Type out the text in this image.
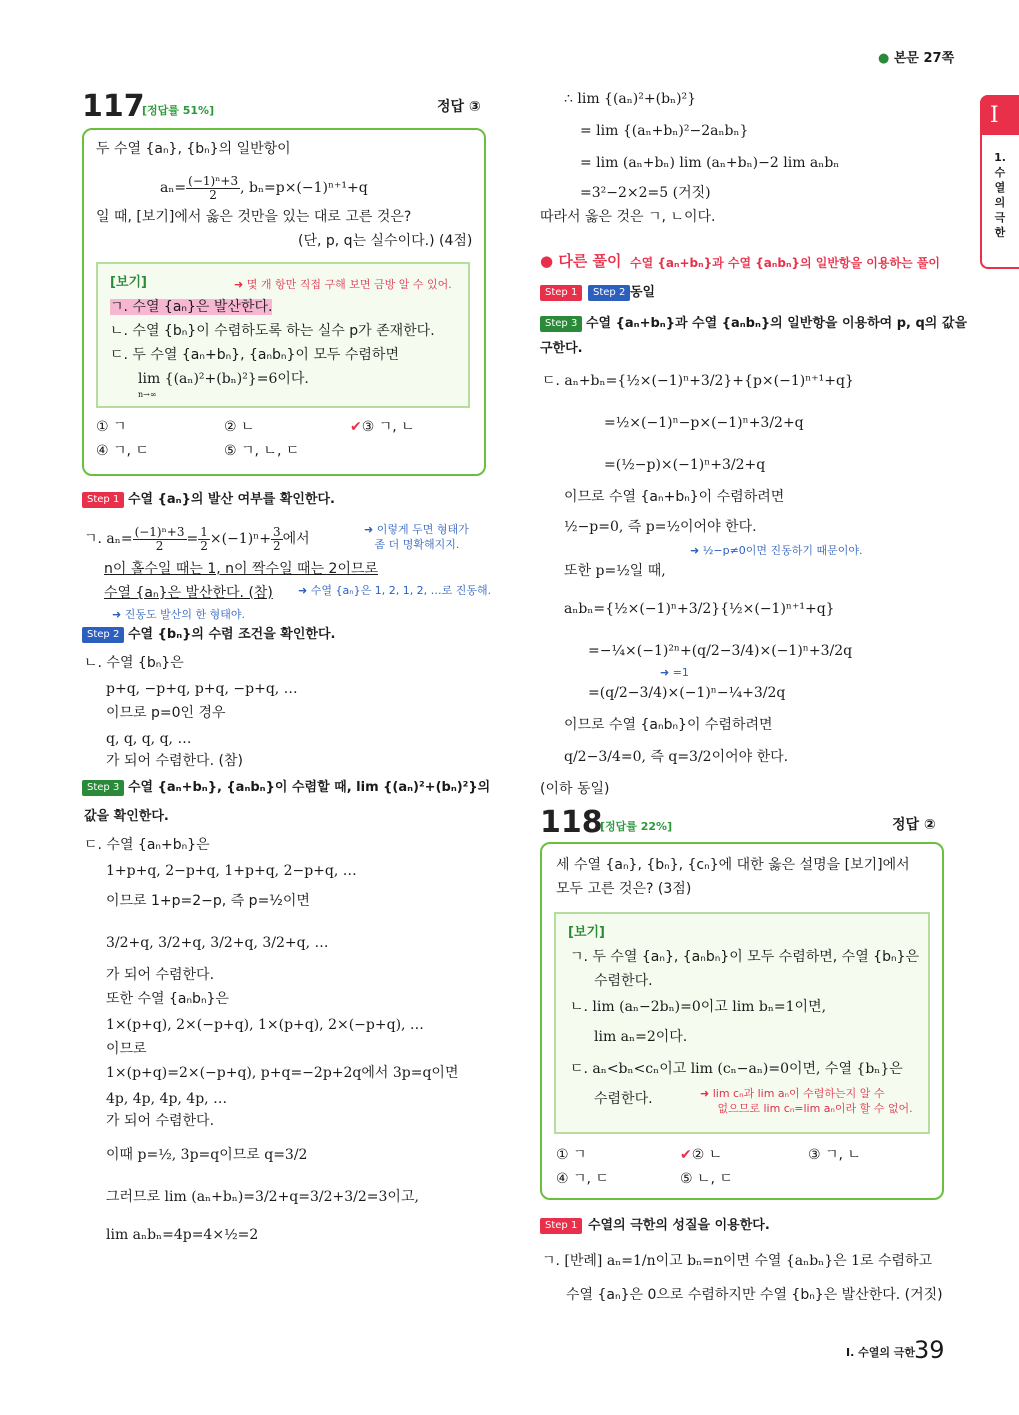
● 본문 27쪽
I
1.
수
열
의
극
한
117
[정답률 51%]	정답 ③
두 수열 {aₙ}, {bₙ}의 일반항이
$a_n= \frac{\text{(−1)ⁿ+3}}{2}$ , bₙ=p×(−1)ⁿ⁺¹+q
일 때, [보기]에서 옳은 것만을 있는 대로 고른 것은?
(단, p, q는 실수이다.) (4점)
[보기]	➜ 몇 개 항만 직접 구해 보면 금방 알 수 있어.
ㄱ. 수열 {aₙ}은 발산한다.
ㄴ. 수열 {bₙ}이 수렴하도록 하는 실수 p가 존재한다.
ㄷ. 두 수열 {aₙ+bₙ}, {aₙbₙ}이 모두 수렴하면
lim {(aₙ)²+(bₙ)²}=6이다.
n→∞
① ㄱ	② ㄴ	✔③ ㄱ, ㄴ
④ ㄱ, ㄷ	⑤ ㄱ, ㄴ, ㄷ
Step 1 수열 {aₙ}의 발산 여부를 확인한다.
ㄱ. $a_n= \frac{\text{(−1)ⁿ+3}}{2} = \frac{1}{2} \times(-1)^n+ \frac{3}{2}$ 에서
➜ 이렇게 두면 형태가
좀 더 명확해지지.
n이 홀수일 때는 1, n이 짝수일 때는 2이므로
수열 {aₙ}은 발산한다. (참) ➜ 수열 {aₙ}은 1, 2, 1, 2, …로 진동해.
➜ 진동도 발산의 한 형태야.
Step 2 수열 {bₙ}의 수렴 조건을 확인한다.
ㄴ. 수열 {bₙ}은
p+q, −p+q, p+q, −p+q, …
이므로 p=0인 경우
q, q, q, q, …
가 되어 수렴한다. (참)
Step 3 수열 {aₙ+bₙ}, {aₙbₙ}이 수렴할 때, lim {(aₙ)²+(bₙ)²}의
값을 확인한다.
ㄷ. 수열 {aₙ+bₙ}은
1+p+q, 2−p+q, 1+p+q, 2−p+q, …
이므로 1+p=2−p, 즉 p=½이면
3/2+q, 3/2+q, 3/2+q, 3/2+q, …
가 되어 수렴한다.
또한 수열 {aₙbₙ}은
1×(p+q), 2×(−p+q), 1×(p+q), 2×(−p+q), …
이므로
1×(p+q)=2×(−p+q), p+q=−2p+2q에서 3p=q이면
4p, 4p, 4p, 4p, …
가 되어 수렴한다.
이때 p=½, 3p=q이므로 q=3/2
그러므로 lim (aₙ+bₙ)=3/2+q=3/2+3/2=3이고,
lim aₙbₙ=4p=4×½=2
∴ lim {(aₙ)²+(bₙ)²}
= lim {(aₙ+bₙ)²−2aₙbₙ}
= lim (aₙ+bₙ) lim (aₙ+bₙ)−2 lim aₙbₙ
=3²−2×2=5 (거짓)
따라서 옳은 것은 ㄱ, ㄴ이다.
● 다른 풀이 수열 {aₙ+bₙ}과 수열 {aₙbₙ}의 일반항을 이용하는 풀이
Step 1	Step 2 동일
Step 3 수열 {aₙ+bₙ}과 수열 {aₙbₙ}의 일반항을 이용하여 p, q의 값을
구한다.
ㄷ. aₙ+bₙ={½×(−1)ⁿ+3/2}+{p×(−1)ⁿ⁺¹+q}
=½×(−1)ⁿ−p×(−1)ⁿ+3/2+q
=(½−p)×(−1)ⁿ+3/2+q
이므로 수열 {aₙ+bₙ}이 수렴하려면
½−p=0, 즉 p=½이어야 한다.
➜ ½−p≠0이면 진동하기 때문이야.
또한 p=½일 때,
aₙbₙ={½×(−1)ⁿ+3/2}{½×(−1)ⁿ⁺¹+q}
=−¼×(−1)²ⁿ+(q/2−3/4)×(−1)ⁿ+3/2q
➜ =1
=(q/2−3/4)×(−1)ⁿ−¼+3/2q
이므로 수열 {aₙbₙ}이 수렴하려면
q/2−3/4=0, 즉 q=3/2이어야 한다.
(이하 동일)
118
[정답률 22%]	정답 ②
세 수열 {aₙ}, {bₙ}, {cₙ}에 대한 옳은 설명을 [보기]에서
모두 고른 것은? (3점)
[보기]
ㄱ. 두 수열 {aₙ}, {aₙbₙ}이 모두 수렴하면, 수열 {bₙ}은
수렴한다.
ㄴ. lim (aₙ−2bₙ)=0이고 lim bₙ=1이면,
lim aₙ=2이다.
ㄷ. aₙ<bₙ<cₙ이고 lim (cₙ−aₙ)=0이면, 수열 {bₙ}은
수렴한다.	➜ lim cₙ과 lim aₙ이 수렴하는지 알 수
없으므로 lim cₙ=lim aₙ이라 할 수 없어.
① ㄱ	✔② ㄴ	③ ㄱ, ㄴ
④ ㄱ, ㄷ	⑤ ㄴ, ㄷ
Step 1 수열의 극한의 성질을 이용한다.
ㄱ. [반례] aₙ=1/n이고 bₙ=n이면 수열 {aₙbₙ}은 1로 수렴하고
수열 {aₙ}은 0으로 수렴하지만 수열 {bₙ}은 발산한다. (거짓)
Ⅰ. 수열의 극한
39
